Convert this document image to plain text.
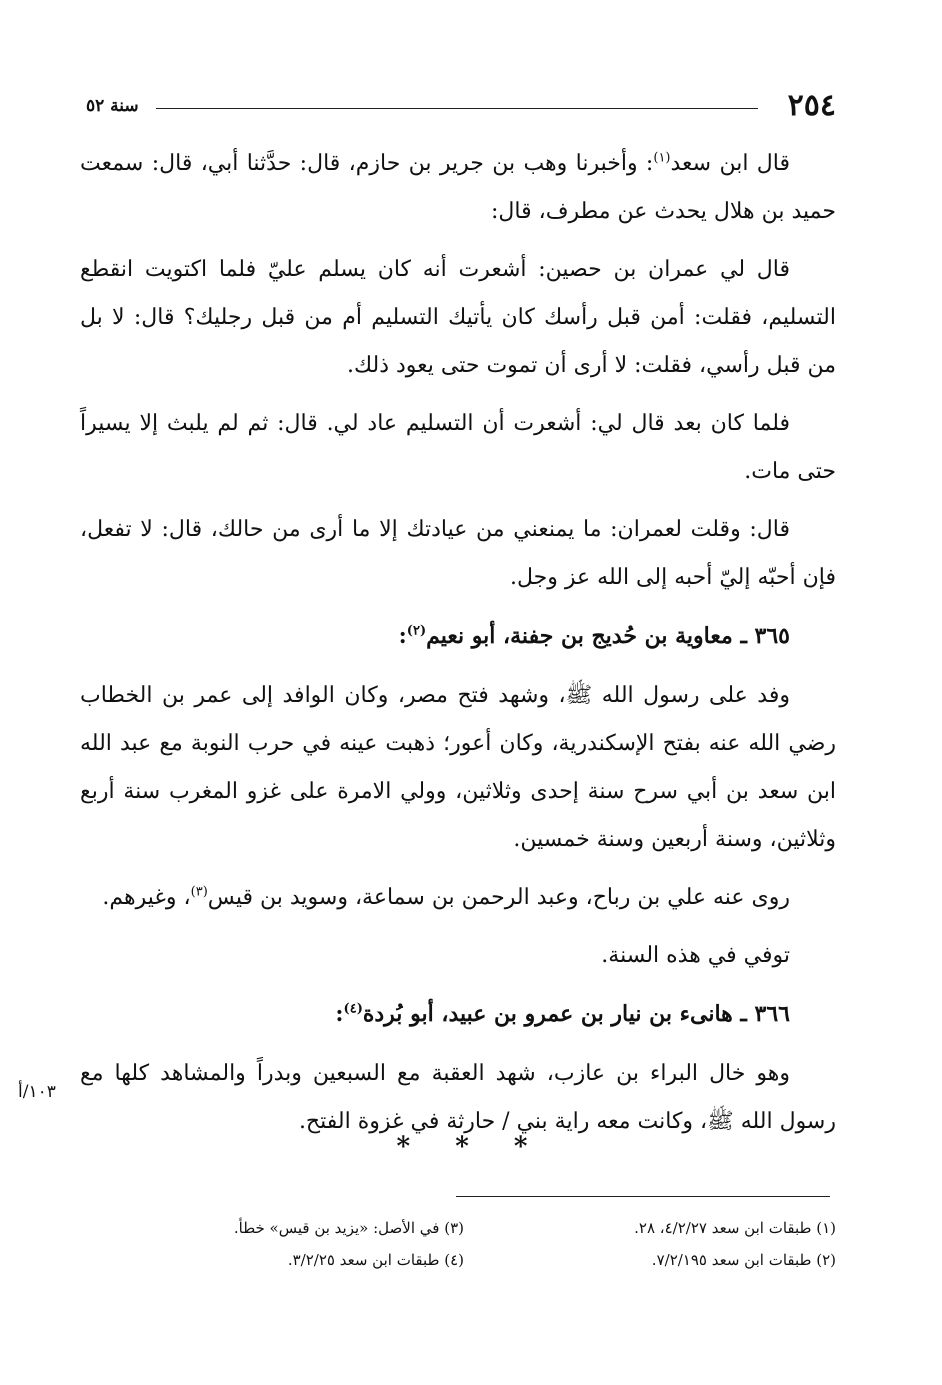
٢٥٤
سنة ٥٢

قال ابن سعد$^{(١)}$: وأخبرنا وهب بن جرير بن حازم، قال: حدَّثنا أبي، قال: سمعت حميد بن هلال يحدث عن مطرف، قال:

قال لي عمران بن حصين: أشعرت أنه كان يسلم عليّ فلما اكتويت انقطع التسليم، فقلت: أمن قبل رأسك كان يأتيك التسليم أم من قبل رجليك؟ قال: لا بل من قبل رأسي، فقلت: لا أرى أن تموت حتى يعود ذلك.

فلما كان بعد قال لي: أشعرت أن التسليم عاد لي. قال: ثم لم يلبث إلا يسيراً حتى مات.

قال: وقلت لعمران: ما يمنعني من عيادتك إلا ما أرى من حالك، قال: لا تفعل، فإن أحبّه إليّ أحبه إلى الله عز وجل.

٣٦٥ ـ معاوية بن حُديج بن جفنة، أبو نعيم$^{(٢)}$:

وفد على رسول الله ﷺ، وشهد فتح مصر، وكان الوافد إلى عمر بن الخطاب رضي الله عنه بفتح الإسكندرية، وكان أعور؛ ذهبت عينه في حرب النوبة مع عبد الله ابن سعد بن أبي سرح سنة إحدى وثلاثين، وولي الامرة على غزو المغرب سنة أربع وثلاثين، وسنة أربعين وسنة خمسين.

روى عنه علي بن رباح، وعبد الرحمن بن سماعة، وسويد بن قيس$^{(٣)}$، وغيرهم.

توفي في هذه السنة.

٣٦٦ ـ هانىء بن نيار بن عمرو بن عبيد، أبو بُردة$^{(٤)}$:

وهو خال البراء بن عازب، شهد العقبة مع السبعين وبدراً والمشاهد كلها مع رسول الله ﷺ، وكانت معه راية بني / حارثة في غزوة الفتح.

١٠٣/أ
* * *
(١) طبقات ابن سعد ٤/٢/٢٧، ٢٨.
(٢) طبقات ابن سعد ٧/٢/١٩٥.
(٣) في الأصل: «يزيد بن قيس» خطأ.
(٤) طبقات ابن سعد ٣/٢/٢٥.
